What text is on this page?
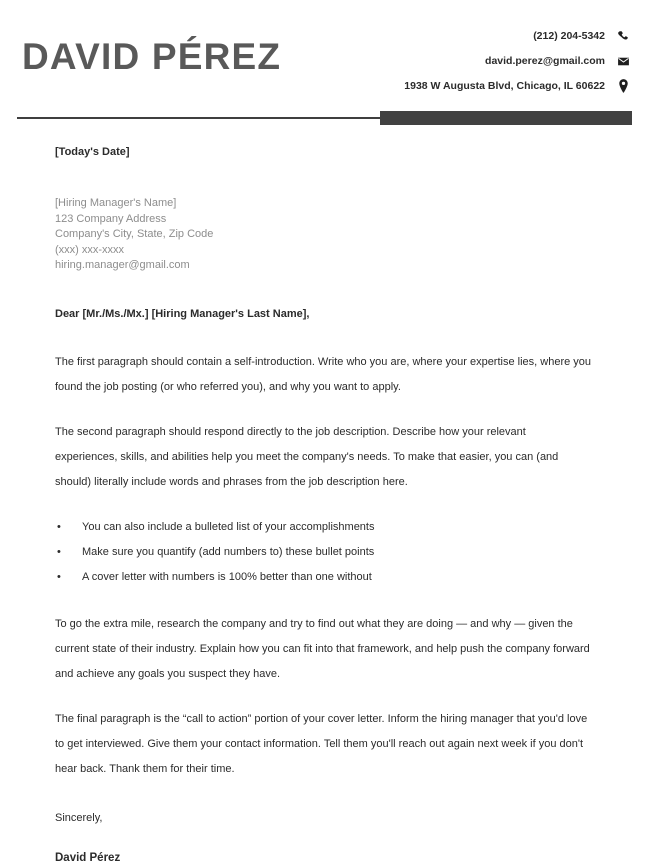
DAVID PÉREZ	(212) 204-5342
david.perez@gmail.com
1938 W Augusta Blvd, Chicago, IL 60622
[Today's Date]
[Hiring Manager's Name]
123 Company Address
Company's City, State, Zip Code
(xxx) xxx-xxxx
hiring.manager@gmail.com
Dear [Mr./Ms./Mx.] [Hiring Manager's Last Name],

The first paragraph should contain a self-introduction. Write who you are, where your expertise lies, where you found the job posting (or who referred you), and why you want to apply.

The second paragraph should respond directly to the job description. Describe how your relevant experiences, skills, and abilities help you meet the company's needs. To make that easier, you can (and should) literally include words and phrases from the job description here.

• You can also include a bulleted list of your accomplishments
• Make sure you quantify (add numbers to) these bullet points
• A cover letter with numbers is 100% better than one without

To go the extra mile, research the company and try to find out what they are doing — and why — given the current state of their industry. Explain how you can fit into that framework, and help push the company forward and achieve any goals you suspect they have.

The final paragraph is the “call to action” portion of your cover letter. Inform the hiring manager that you'd love to get interviewed. Give them your contact information. Tell them you'll reach out again next week if you don't hear back. Thank them for their time.

Sincerely,
David Pérez
